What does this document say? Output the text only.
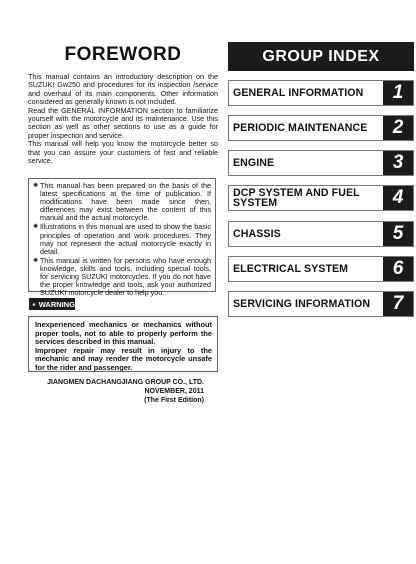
FOREWORD

This manual contains an introductory description on the SUZUKI Gw250 and procedures for its inspection /service and overhaul of its main components. Other information considered as generally known is not included.

Read the GENERAL INFORMATION section to familiarize yourself with the motorcycle and its maintenance. Use this section as well as other sections to use as a guide for proper inspection and service.

This manual will help you know the motorcycle better so that you can assure your customers of fast and reliable service.

✺ This manual has been prepared on the basis of the latest specifications at the time of publication. If modifications have been made since then, differences may exist between the content of this manual and the actual motorcycle.

✺ Illustrations in this manual are used to show the basic principles of operation and work procedures. They may not represent the actual motorcycle exactly in detail.

✺ This manual is written for persons who have enough knowledge, skills and tools, including special tools, for servicing SUZUKI motorcycles. If you do not have the proper knowledge and tools, ask your authorized SUZUKI motorcycle dealer to help you.

WARNING

Inexperienced mechanics or mechanics without proper tools, not to able to properly perform the services described in this manual.

Improper repair may result in injury to the mechanic and may render the motorcycle unsafe for the rider and passenger.

JIANGMEN DACHANGJIANG GROUP CO., LTD.
NOVEMBER, 2011
(The First Edition)
GROUP INDEX
GENERAL INFORMATION	1
PERIODIC MAINTENANCE	2
ENGINE	3
DCP SYSTEM AND FUEL SYSTEM	4
CHASSIS	5
ELECTRICAL SYSTEM	6
SERVICING INFORMATION	7
